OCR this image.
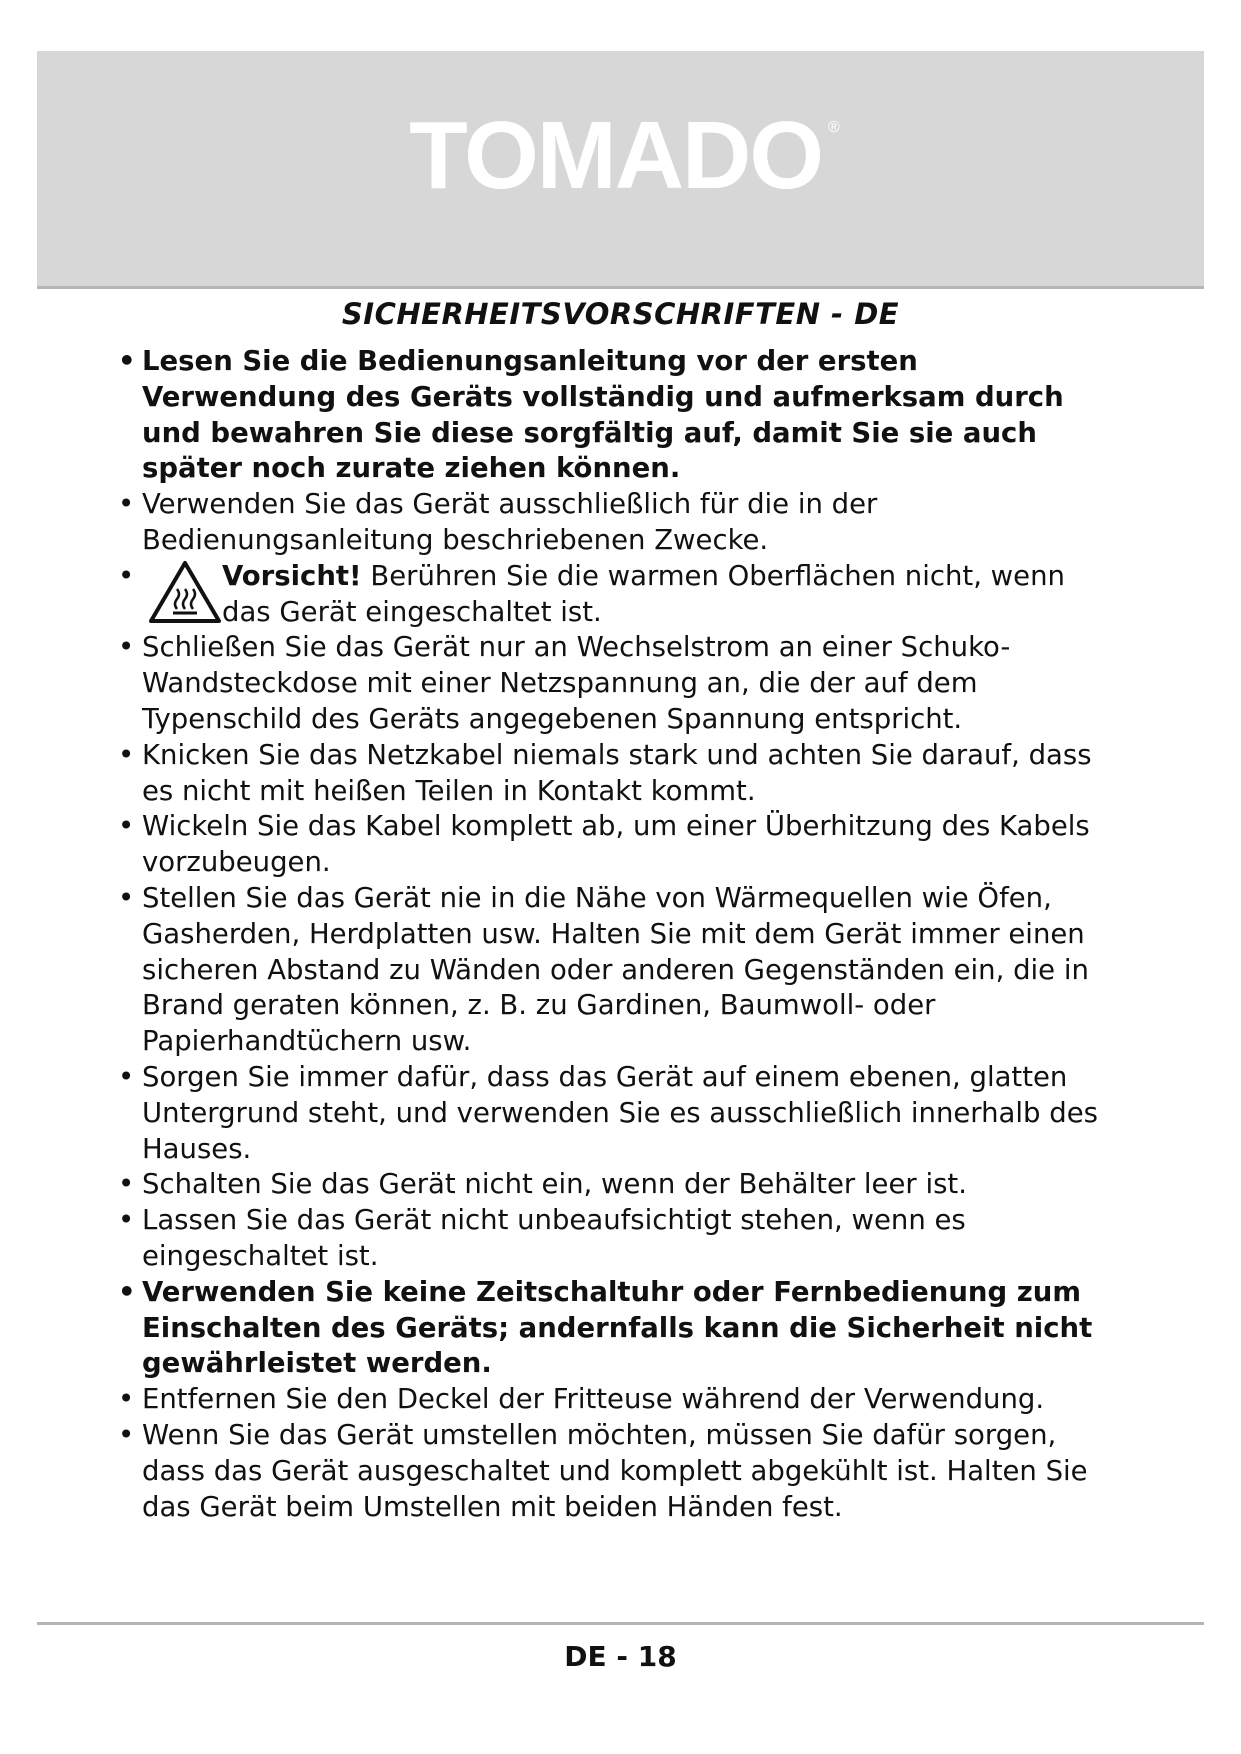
TOMADO ®
SICHERHEITSVORSCHRIFTEN - DE
• Lesen Sie die Bedienungsanleitung vor der ersten Verwendung des Geräts vollständig und aufmerksam durch und bewahren Sie diese sorgfältig auf, damit Sie sie auch später noch zurate ziehen können.
• Verwenden Sie das Gerät ausschließlich für die in der Bedienungsanleitung beschriebenen Zwecke.
•	Vorsicht! Berühren Sie die warmen Oberflächen nicht, wenn das Gerät eingeschaltet ist.
• Schließen Sie das Gerät nur an Wechselstrom an einer Schuko-Wandsteckdose mit einer Netzspannung an, die der auf dem Typenschild des Geräts angegebenen Spannung entspricht.
• Knicken Sie das Netzkabel niemals stark und achten Sie darauf, dass es nicht mit heißen Teilen in Kontakt kommt.
• Wickeln Sie das Kabel komplett ab, um einer Überhitzung des Kabels vorzubeugen.
• Stellen Sie das Gerät nie in die Nähe von Wärmequellen wie Öfen, Gasherden, Herdplatten usw. Halten Sie mit dem Gerät immer einen sicheren Abstand zu Wänden oder anderen Gegenständen ein, die in Brand geraten können, z. B. zu Gardinen, Baumwoll- oder Papierhandtüchern usw.
• Sorgen Sie immer dafür, dass das Gerät auf einem ebenen, glatten Untergrund steht, und verwenden Sie es ausschließlich innerhalb des Hauses.
• Schalten Sie das Gerät nicht ein, wenn der Behälter leer ist.
• Lassen Sie das Gerät nicht unbeaufsichtigt stehen, wenn es eingeschaltet ist.
• Verwenden Sie keine Zeitschaltuhr oder Fernbedienung zum Einschalten des Geräts; andernfalls kann die Sicherheit nicht gewährleistet werden.
• Entfernen Sie den Deckel der Fritteuse während der Verwendung.
• Wenn Sie das Gerät umstellen möchten, müssen Sie dafür sorgen, dass das Gerät ausgeschaltet und komplett abgekühlt ist. Halten Sie das Gerät beim Umstellen mit beiden Händen fest.
DE - 18
